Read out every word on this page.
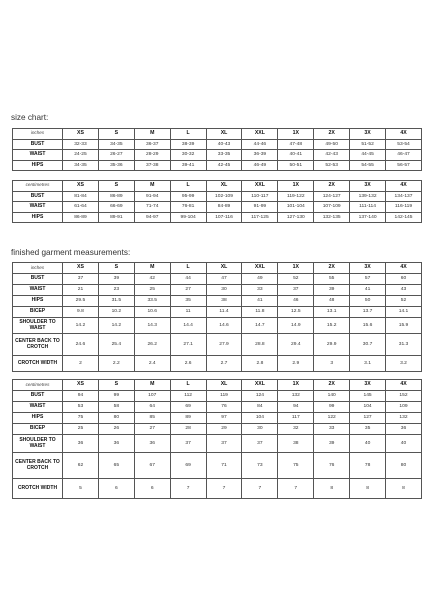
size chart:
inches	XS	S	M	L	XL	XXL	1X	2X	3X	4X
BUST	32-33	34-35	36-37	38-39	40-43	44-46	47-48	49-50	51-52	53-54
WAIST	24-25	26-27	28-29	30-32	33-35	36-39	40-41	42-43	44-45	46-47
HIPS	34-35	35-36	37-38	39-41	42-45	46-49	50-51	52-53	54-55	56-57
centimetres	XS	S	M	L	XL	XXL	1X	2X	3X	4X
BUST	81-84	86-89	91-94	95-99	102-109	110-117	119-122	124-127	139-132	134-137
WAIST	61-64	66-69	71-74	76-81	84-89	91-99	101-104	107-109	111-114	116-119
HIPS	86-89	89-91	94-97	99-104	107-116	117-125	127-130	132-135	137-140	142-145
finished garment measurements:
inches	XS	S	M	L	XL	XXL	1X	2X	3X	4X
BUST	37	39	42	44	47	49	52	55	57	60
WAIST	21	23	25	27	30	33	37	39	41	43
HIPS	29.5	31.5	33.5	35	38	41	46	48	50	52
BICEP	9.8	10.2	10.6	11	11.4	11.8	12.5	13.1	13.7	14.1
SHOULDER TO WAIST	14.2	14.2	14.3	14.4	14.6	14.7	14.9	15.2	15.6	15.9
CENTER BACK TO CROTCH	24.6	25.4	26.2	27.1	27.9	28.8	29.4	29.9	30.7	31.3
CROTCH WIDTH	2	2.2	2.4	2.6	2.7	2.8	2.9	3	3.1	3.2
centimetres	XS	S	M	L	XL	XXL	1X	2X	3X	4X
BUST	94	99	107	112	119	124	132	140	145	152
WAIST	53	58	64	69	76	84	94	99	104	109
HIPS	75	80	85	89	97	104	117	122	127	132
BICEP	25	26	27	28	29	30	32	33	35	36
SHOULDER TO WAIST	36	36	36	37	37	37	38	39	40	40
CENTER BACK TO CROTCH	62	65	67	69	71	73	75	76	78	80
CROTCH WIDTH	5	6	6	7	7	7	7	8	8	8
